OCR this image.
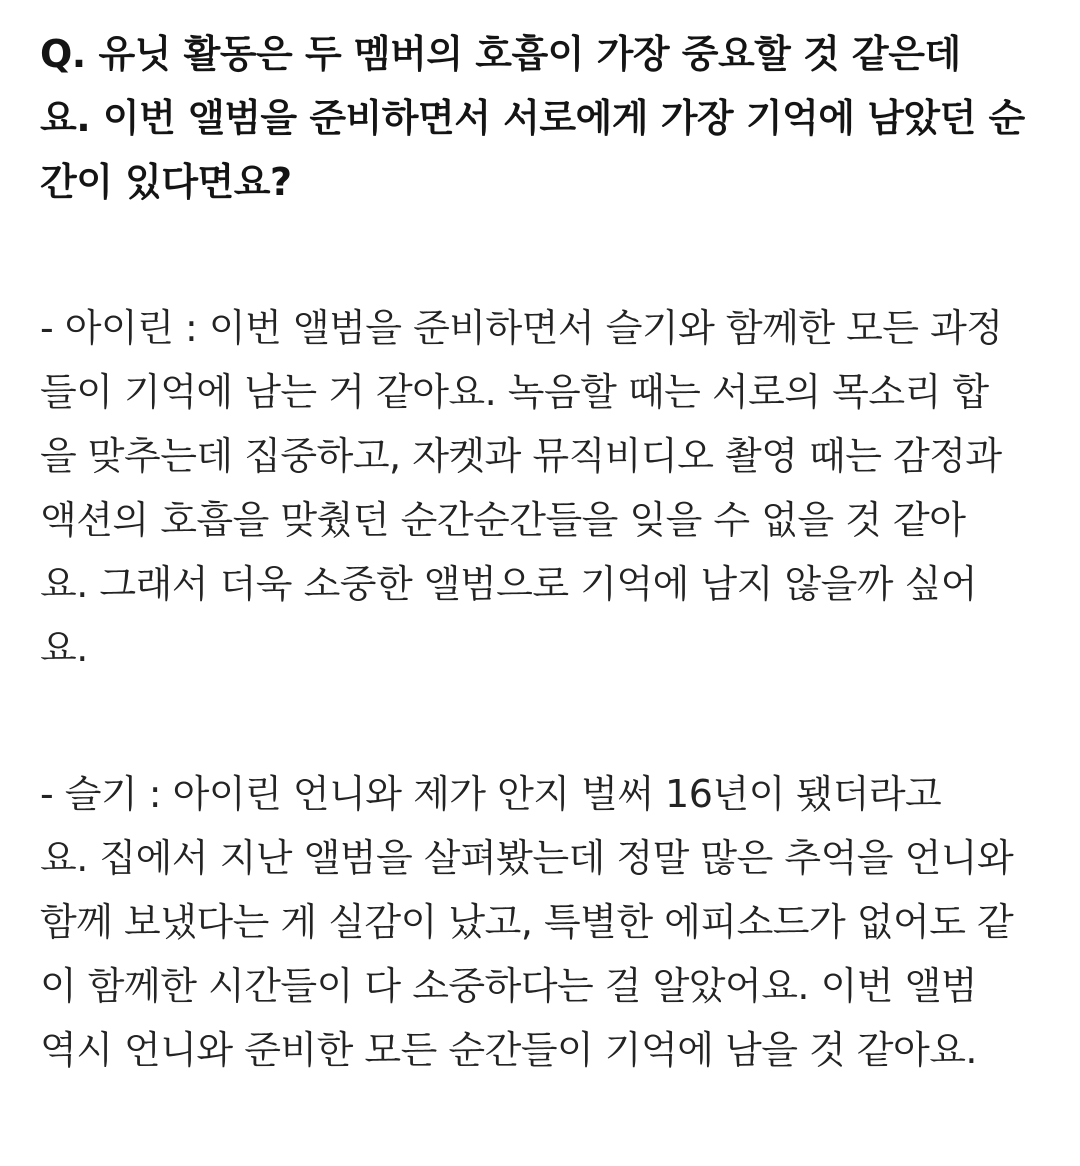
Q. 유닛 활동은 두 멤버의 호흡이 가장 중요할 것 같은데
요. 이번 앨범을 준비하면서 서로에게 가장 기억에 남았던 순
간이 있다면요?
- 아이린 : 이번 앨범을 준비하면서 슬기와 함께한 모든 과정
들이 기억에 남는 거 같아요. 녹음할 때는 서로의 목소리 합
을 맞추는데 집중하고, 자켓과 뮤직비디오 촬영 때는 감정과
액션의 호흡을 맞췄던 순간순간들을 잊을 수 없을 것 같아
요. 그래서 더욱 소중한 앨범으로 기억에 남지 않을까 싶어
요.
- 슬기 : 아이린 언니와 제가 안지 벌써 16년이 됐더라고
요. 집에서 지난 앨범을 살펴봤는데 정말 많은 추억을 언니와
함께 보냈다는 게 실감이 났고, 특별한 에피소드가 없어도 같
이 함께한 시간들이 다 소중하다는 걸 알았어요. 이번 앨범
역시 언니와 준비한 모든 순간들이 기억에 남을 것 같아요.
